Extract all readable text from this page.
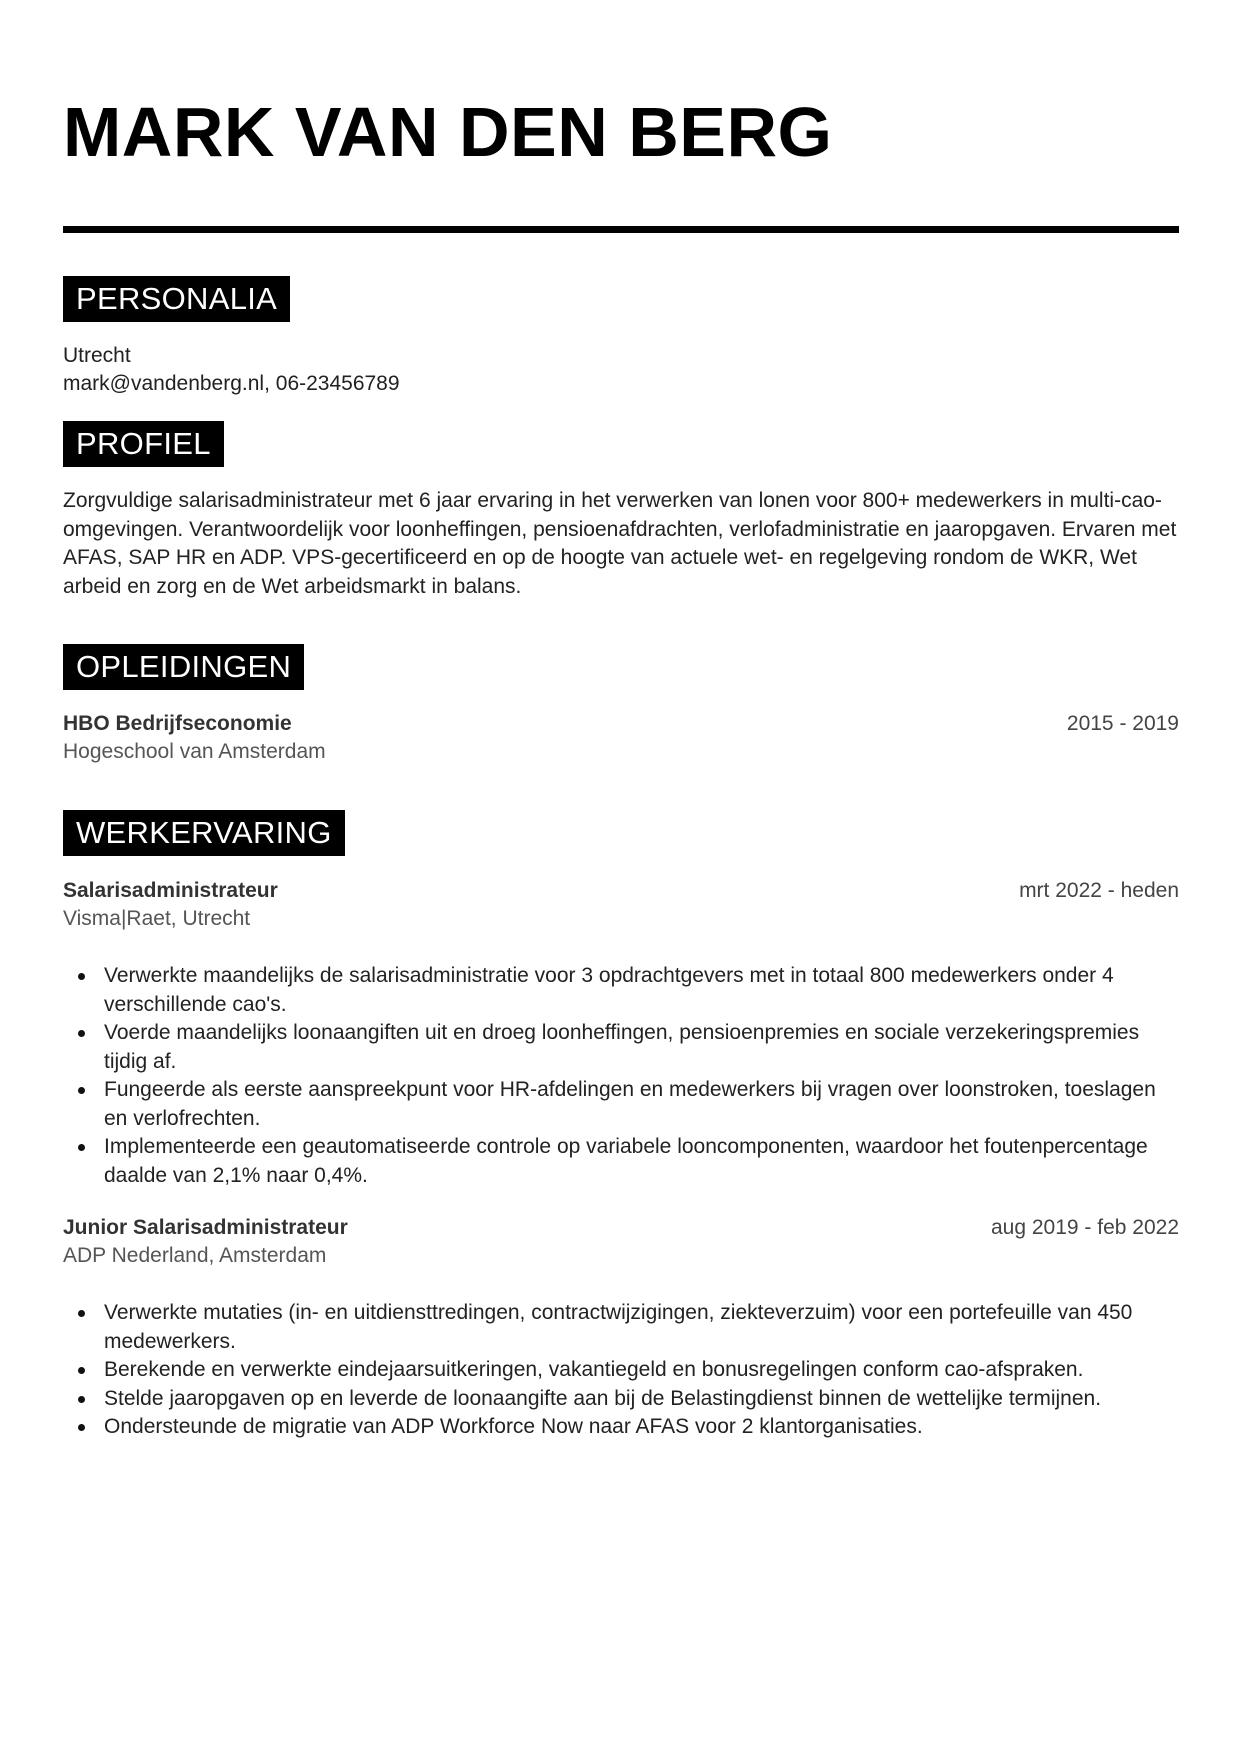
MARK VAN DEN BERG
PERSONALIA
Utrecht
mark@vandenberg.nl, 06-23456789
PROFIEL
Zorgvuldige salarisadministrateur met 6 jaar ervaring in het verwerken van lonen voor 800+ medewerkers in multi-cao-omgevingen. Verantwoordelijk voor loonheffingen, pensioenafdrachten, verlofadministratie en jaaropgaven. Ervaren met AFAS, SAP HR en ADP. VPS-gecertificeerd en op de hoogte van actuele wet- en regelgeving rondom de WKR, Wet arbeid en zorg en de Wet arbeidsmarkt in balans.
OPLEIDINGEN
HBO Bedrijfseconomie	2015 - 2019
Hogeschool van Amsterdam
WERKERVARING
Salarisadministrateur	mrt 2022 - heden
Visma|Raet, Utrecht
Verwerkte maandelijks de salarisadministratie voor 3 opdrachtgevers met in totaal 800 medewerkers onder 4 verschillende cao's.
Voerde maandelijks loonaangiften uit en droeg loonheffingen, pensioenpremies en sociale verzekeringspremies tijdig af.
Fungeerde als eerste aanspreekpunt voor HR-afdelingen en medewerkers bij vragen over loonstroken, toeslagen en verlofrechten.
Implementeerde een geautomatiseerde controle op variabele looncomponenten, waardoor het foutenpercentage daalde van 2,1% naar 0,4%.
Junior Salarisadministrateur	aug 2019 - feb 2022
ADP Nederland, Amsterdam
Verwerkte mutaties (in- en uitdiensttredingen, contractwijzigingen, ziekteverzuim) voor een portefeuille van 450 medewerkers.
Berekende en verwerkte eindejaarsuitkeringen, vakantiegeld en bonusregelingen conform cao-afspraken.
Stelde jaaropgaven op en leverde de loonaangifte aan bij de Belastingdienst binnen de wettelijke termijnen.
Ondersteunde de migratie van ADP Workforce Now naar AFAS voor 2 klantorganisaties.
